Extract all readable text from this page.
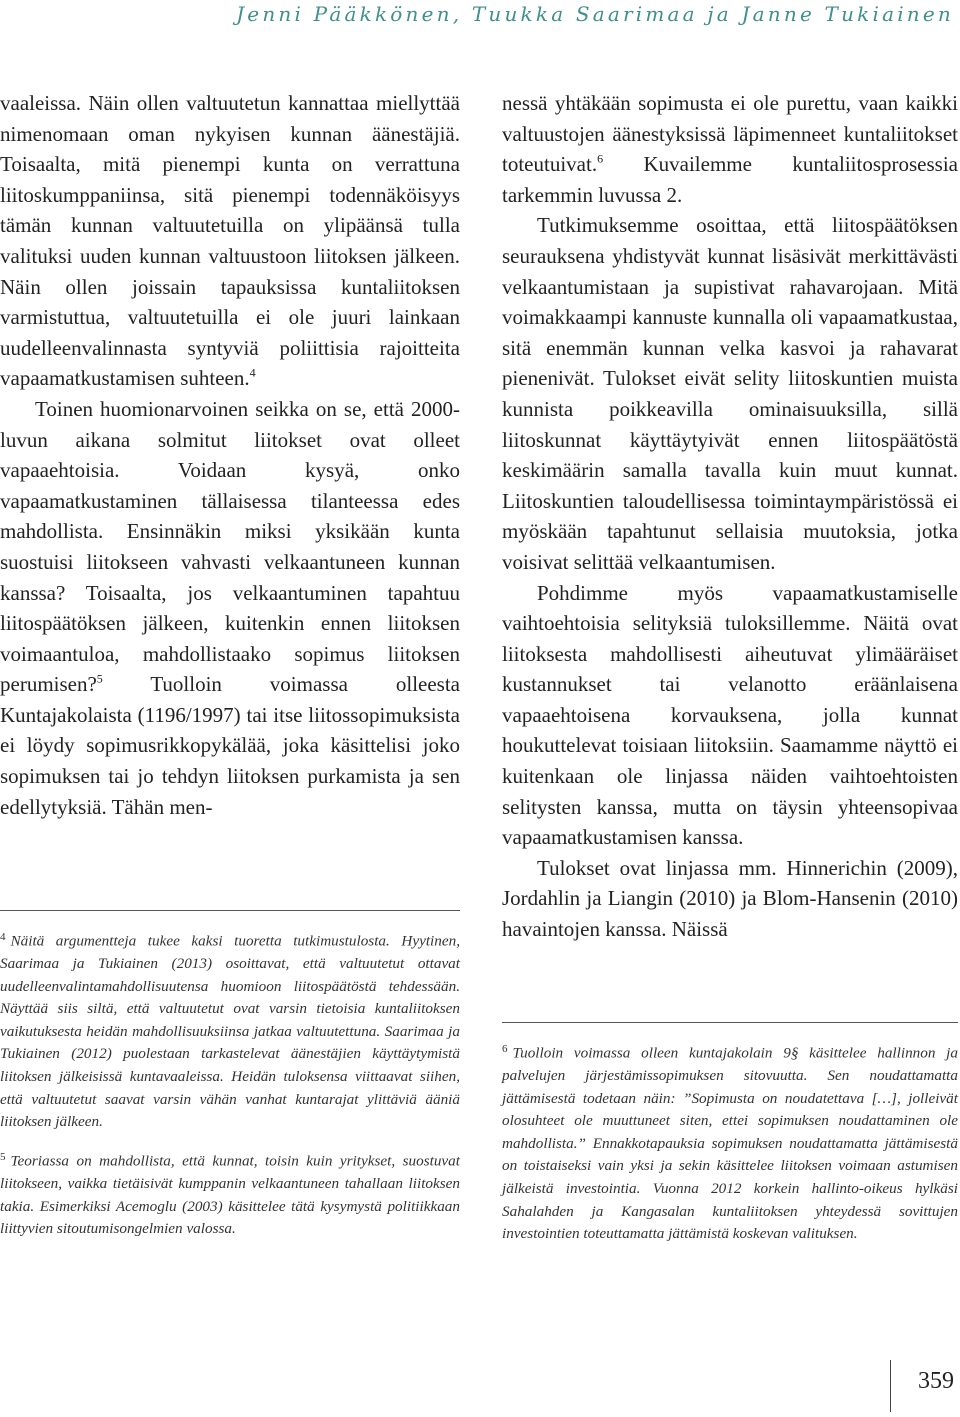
Jenni Pääkkönen, Tuukka Saarimaa ja Janne Tukiainen

vaaleissa. Näin ollen valtuutetun kannattaa miellyttää nimenomaan oman nykyisen kunnan äänestäjiä. Toisaalta, mitä pienempi kunta on verrattuna liitoskumppaniinsa, sitä pienempi todennäköisyys tämän kunnan valtuutetuilla on ylipäänsä tulla valituksi uuden kunnan valtuustoon liitoksen jälkeen. Näin ollen joissain tapauksissa kuntaliitoksen varmistuttua, valtuutetuilla ei ole juuri lainkaan uudelleenvalinnasta syntyviä poliittisia rajoitteita vapaamatkustamisen suhteen.$^4$

Toinen huomionarvoinen seikka on se, että 2000-luvun aikana solmitut liitokset ovat olleet vapaaehtoisia. Voidaan kysyä, onko vapaamatkustaminen tällaisessa tilanteessa edes mahdollista. Ensinnäkin miksi yksikään kunta suostuisi liitokseen vahvasti velkaantuneen kunnan kanssa? Toisaalta, jos velkaantuminen tapahtuu liitospäätöksen jälkeen, kuitenkin ennen liitoksen voimaantuloa, mahdollistaako sopimus liitoksen perumisen?$^5$ Tuolloin voimassa olleesta Kuntajakolaista (1196/1997) tai itse liitossopimuksista ei löydy sopimusrikkopykälää, joka käsittelisi joko sopimuksen tai jo tehdyn liitoksen purkamista ja sen edellytyksiä. Tähän men-

nessä yhtäkään sopimusta ei ole purettu, vaan kaikki valtuustojen äänestyksissä läpimenneet kuntaliitokset toteutuivat.$^6$ Kuvailemme kuntaliitosprosessia tarkemmin luvussa 2.

Tutkimuksemme osoittaa, että liitospäätöksen seurauksena yhdistyvät kunnat lisäsivät merkittävästi velkaantumistaan ja supistivat rahavarojaan. Mitä voimakkaampi kannuste kunnalla oli vapaamatkustaa, sitä enemmän kunnan velka kasvoi ja rahavarat pienenivät. Tulokset eivät selity liitoskuntien muista kunnista poikkeavilla ominaisuuksilla, sillä liitoskunnat käyttäytyivät ennen liitospäätöstä keskimäärin samalla tavalla kuin muut kunnat. Liitoskuntien taloudellisessa toimintaympäristössä ei myöskään tapahtunut sellaisia muutoksia, jotka voisivat selittää velkaantumisen.

Pohdimme myös vapaamatkustamiselle vaihtoehtoisia selityksiä tuloksillemme. Näitä ovat liitoksesta mahdollisesti aiheutuvat ylimääräiset kustannukset tai velanotto eräänlaisena vapaaehtoisena korvauksena, jolla kunnat houkuttelevat toisiaan liitoksiin. Saamamme näyttö ei kuitenkaan ole linjassa näiden vaihtoehtoisten selitysten kanssa, mutta on täysin yhteensopivaa vapaamatkustamisen kanssa.

Tulokset ovat linjassa mm. Hinnerichin (2009), Jordahlin ja Liangin (2010) ja Blom-Hansenin (2010) havaintojen kanssa. Näissä

$^4$ Näitä argumentteja tukee kaksi tuoretta tutkimustulosta. Hyytinen, Saarimaa ja Tukiainen (2013) osoittavat, että valtuutetut ottavat uudelleenvalintamahdollisuutensa huomioon liitospäätöstä tehdessään. Näyttää siis siltä, että valtuutetut ovat varsin tietoisia kuntaliitoksen vaikutuksesta heidän mahdollisuuksiinsa jatkaa valtuutettuna. Saarimaa ja Tukiainen (2012) puolestaan tarkastelevat äänestäjien käyttäytymistä liitoksen jälkeisissä kuntavaaleissa. Heidän tuloksensa viittaavat siihen, että valtuutetut saavat varsin vähän vanhat kuntarajat ylittäviä ääniä liitoksen jälkeen.

$^5$ Teoriassa on mahdollista, että kunnat, toisin kuin yritykset, suostuvat liitokseen, vaikka tietäisivät kumppanin velkaantuneen tahallaan liitoksen takia. Esimerkiksi Acemoglu (2003) käsittelee tätä kysymystä politiikkaan liittyvien sitoutumisongelmien valossa.

$^6$ Tuolloin voimassa olleen kuntajakolain 9§ käsittelee hallinnon ja palvelujen järjestämissopimuksen sitovuutta. Sen noudattamatta jättämisestä todetaan näin: ”Sopimusta on noudatettava […], jolleivät olosuhteet ole muuttuneet siten, ettei sopimuksen noudattaminen ole mahdollista.” Ennakkotapauksia sopimuksen noudattamatta jättämisestä on toistaiseksi vain yksi ja sekin käsittelee liitoksen voimaan astumisen jälkeistä investointia. Vuonna 2012 korkein hallinto-oikeus hylkäsi Sahalahden ja Kangasalan kuntaliitoksen yhteydessä sovittujen investointien toteuttamatta jättämistä koskevan valituksen.

359
